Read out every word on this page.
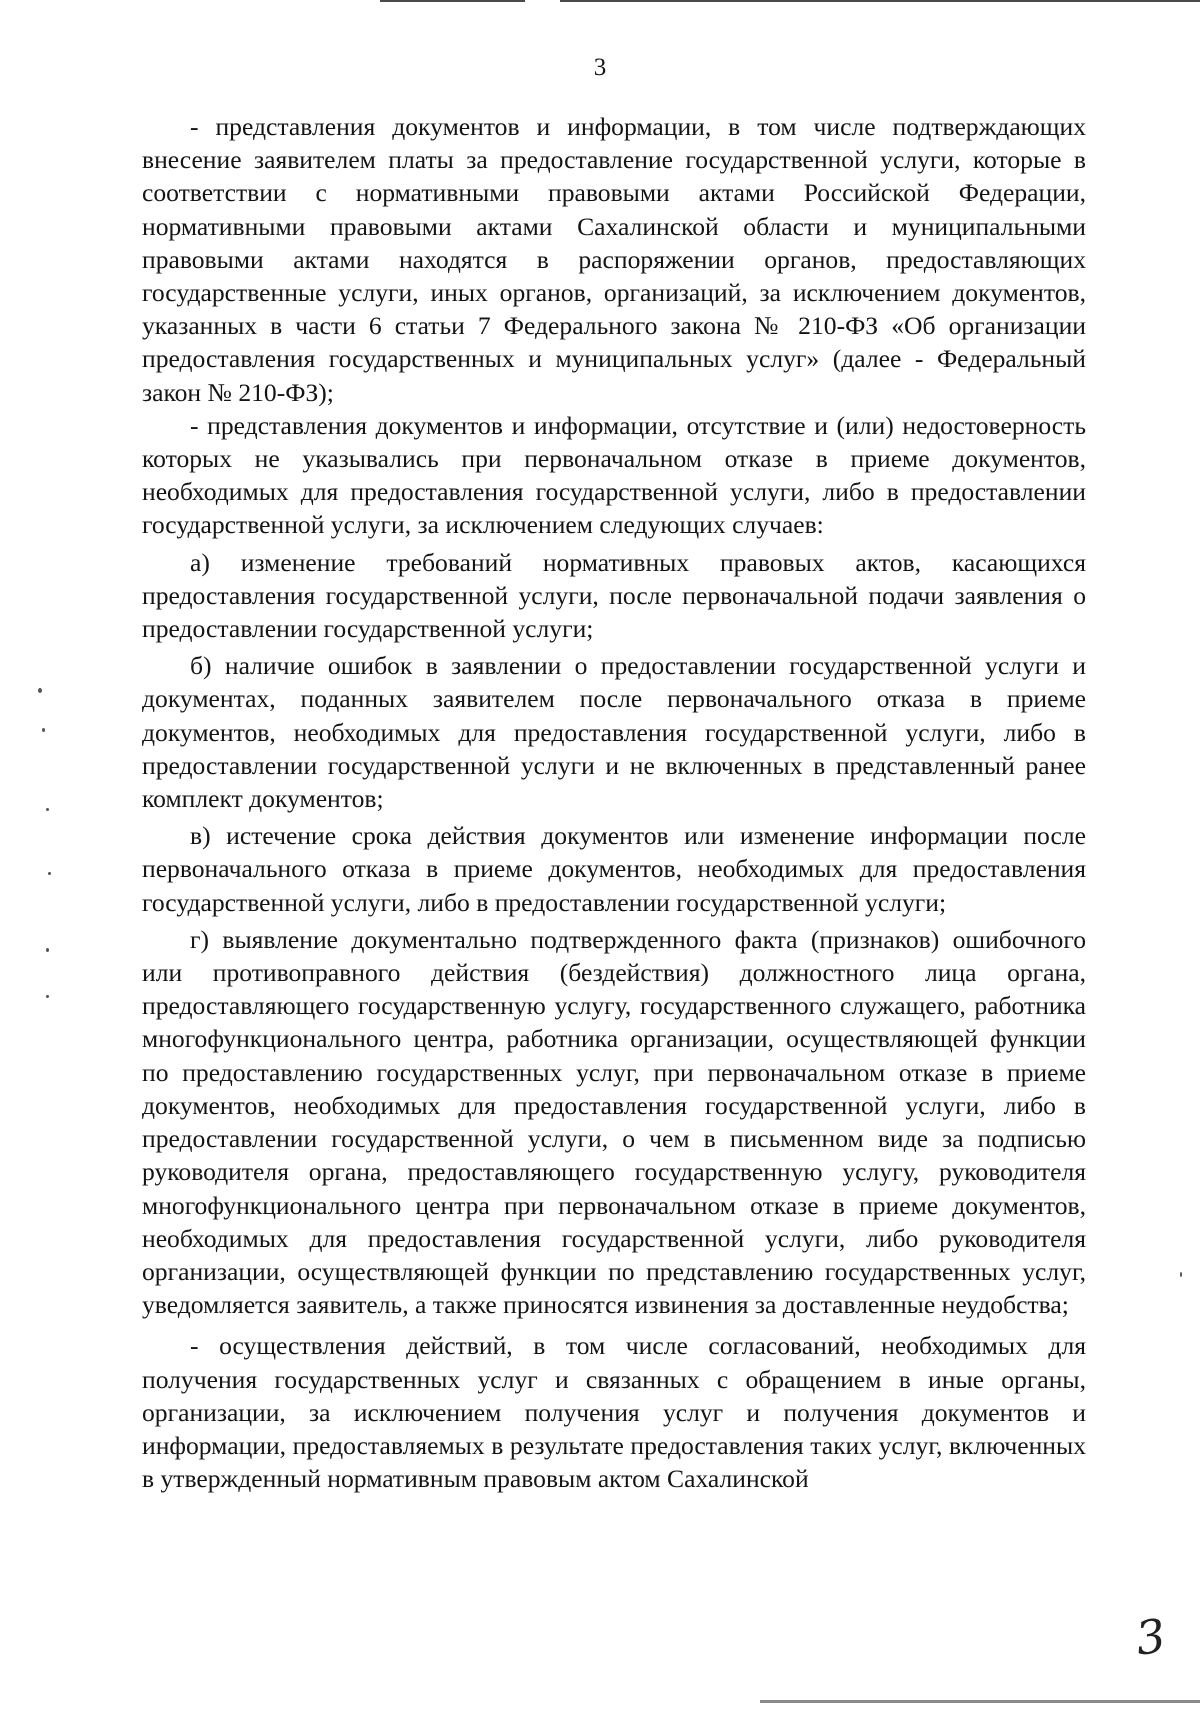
3

- представления документов и информации, в том числе подтверждающих внесение заявителем платы за предоставление государственной услуги, которые в соответствии с нормативными правовыми актами Российской Федерации, нормативными правовыми актами Сахалинской области и муниципальными правовыми актами находятся в распоряжении органов, предоставляющих государственные услуги, иных органов, организаций, за исключением документов, указанных в части 6 статьи 7 Федерального закона № 210-ФЗ «Об организации предоставления государственных и муниципальных услуг» (далее - Федеральный закон № 210-ФЗ);

- представления документов и информации, отсутствие и (или) недостоверность которых не указывались при первоначальном отказе в приеме документов, необходимых для предоставления государственной услуги, либо в предоставлении государственной услуги, за исключением следующих случаев:

а) изменение требований нормативных правовых актов, касающихся предоставления государственной услуги, после первоначальной подачи заявления о предоставлении государственной услуги;

б) наличие ошибок в заявлении о предоставлении государственной услуги и документах, поданных заявителем после первоначального отказа в приеме документов, необходимых для предоставления государственной услуги, либо в предоставлении государственной услуги и не включенных в представленный ранее комплект документов;

в) истечение срока действия документов или изменение информации после первоначального отказа в приеме документов, необходимых для предоставления государственной услуги, либо в предоставлении государственной услуги;

г) выявление документально подтвержденного факта (признаков) ошибочного или противоправного действия (бездействия) должностного лица органа, предоставляющего государственную услугу, государственного служащего, работника многофункционального центра, работника организации, осуществляющей функции по предоставлению государственных услуг, при первоначальном отказе в приеме документов, необходимых для предоставления государственной услуги, либо в предоставлении государственной услуги, о чем в письменном виде за подписью руководителя органа, предоставляющего государственную услугу, руководителя многофункционального центра при первоначальном отказе в приеме документов, необходимых для предоставления государственной услуги, либо руководителя организации, осуществляющей функции по представлению государственных услуг, уведомляется заявитель, а также приносятся извинения за доставленные неудобства;

- осуществления действий, в том числе согласований, необходимых для получения государственных услуг и связанных с обращением в иные органы, организации, за исключением получения услуг и получения документов и информации, предоставляемых в результате предоставления таких услуг, включенных в утвержденный нормативным правовым актом Сахалинской

3
